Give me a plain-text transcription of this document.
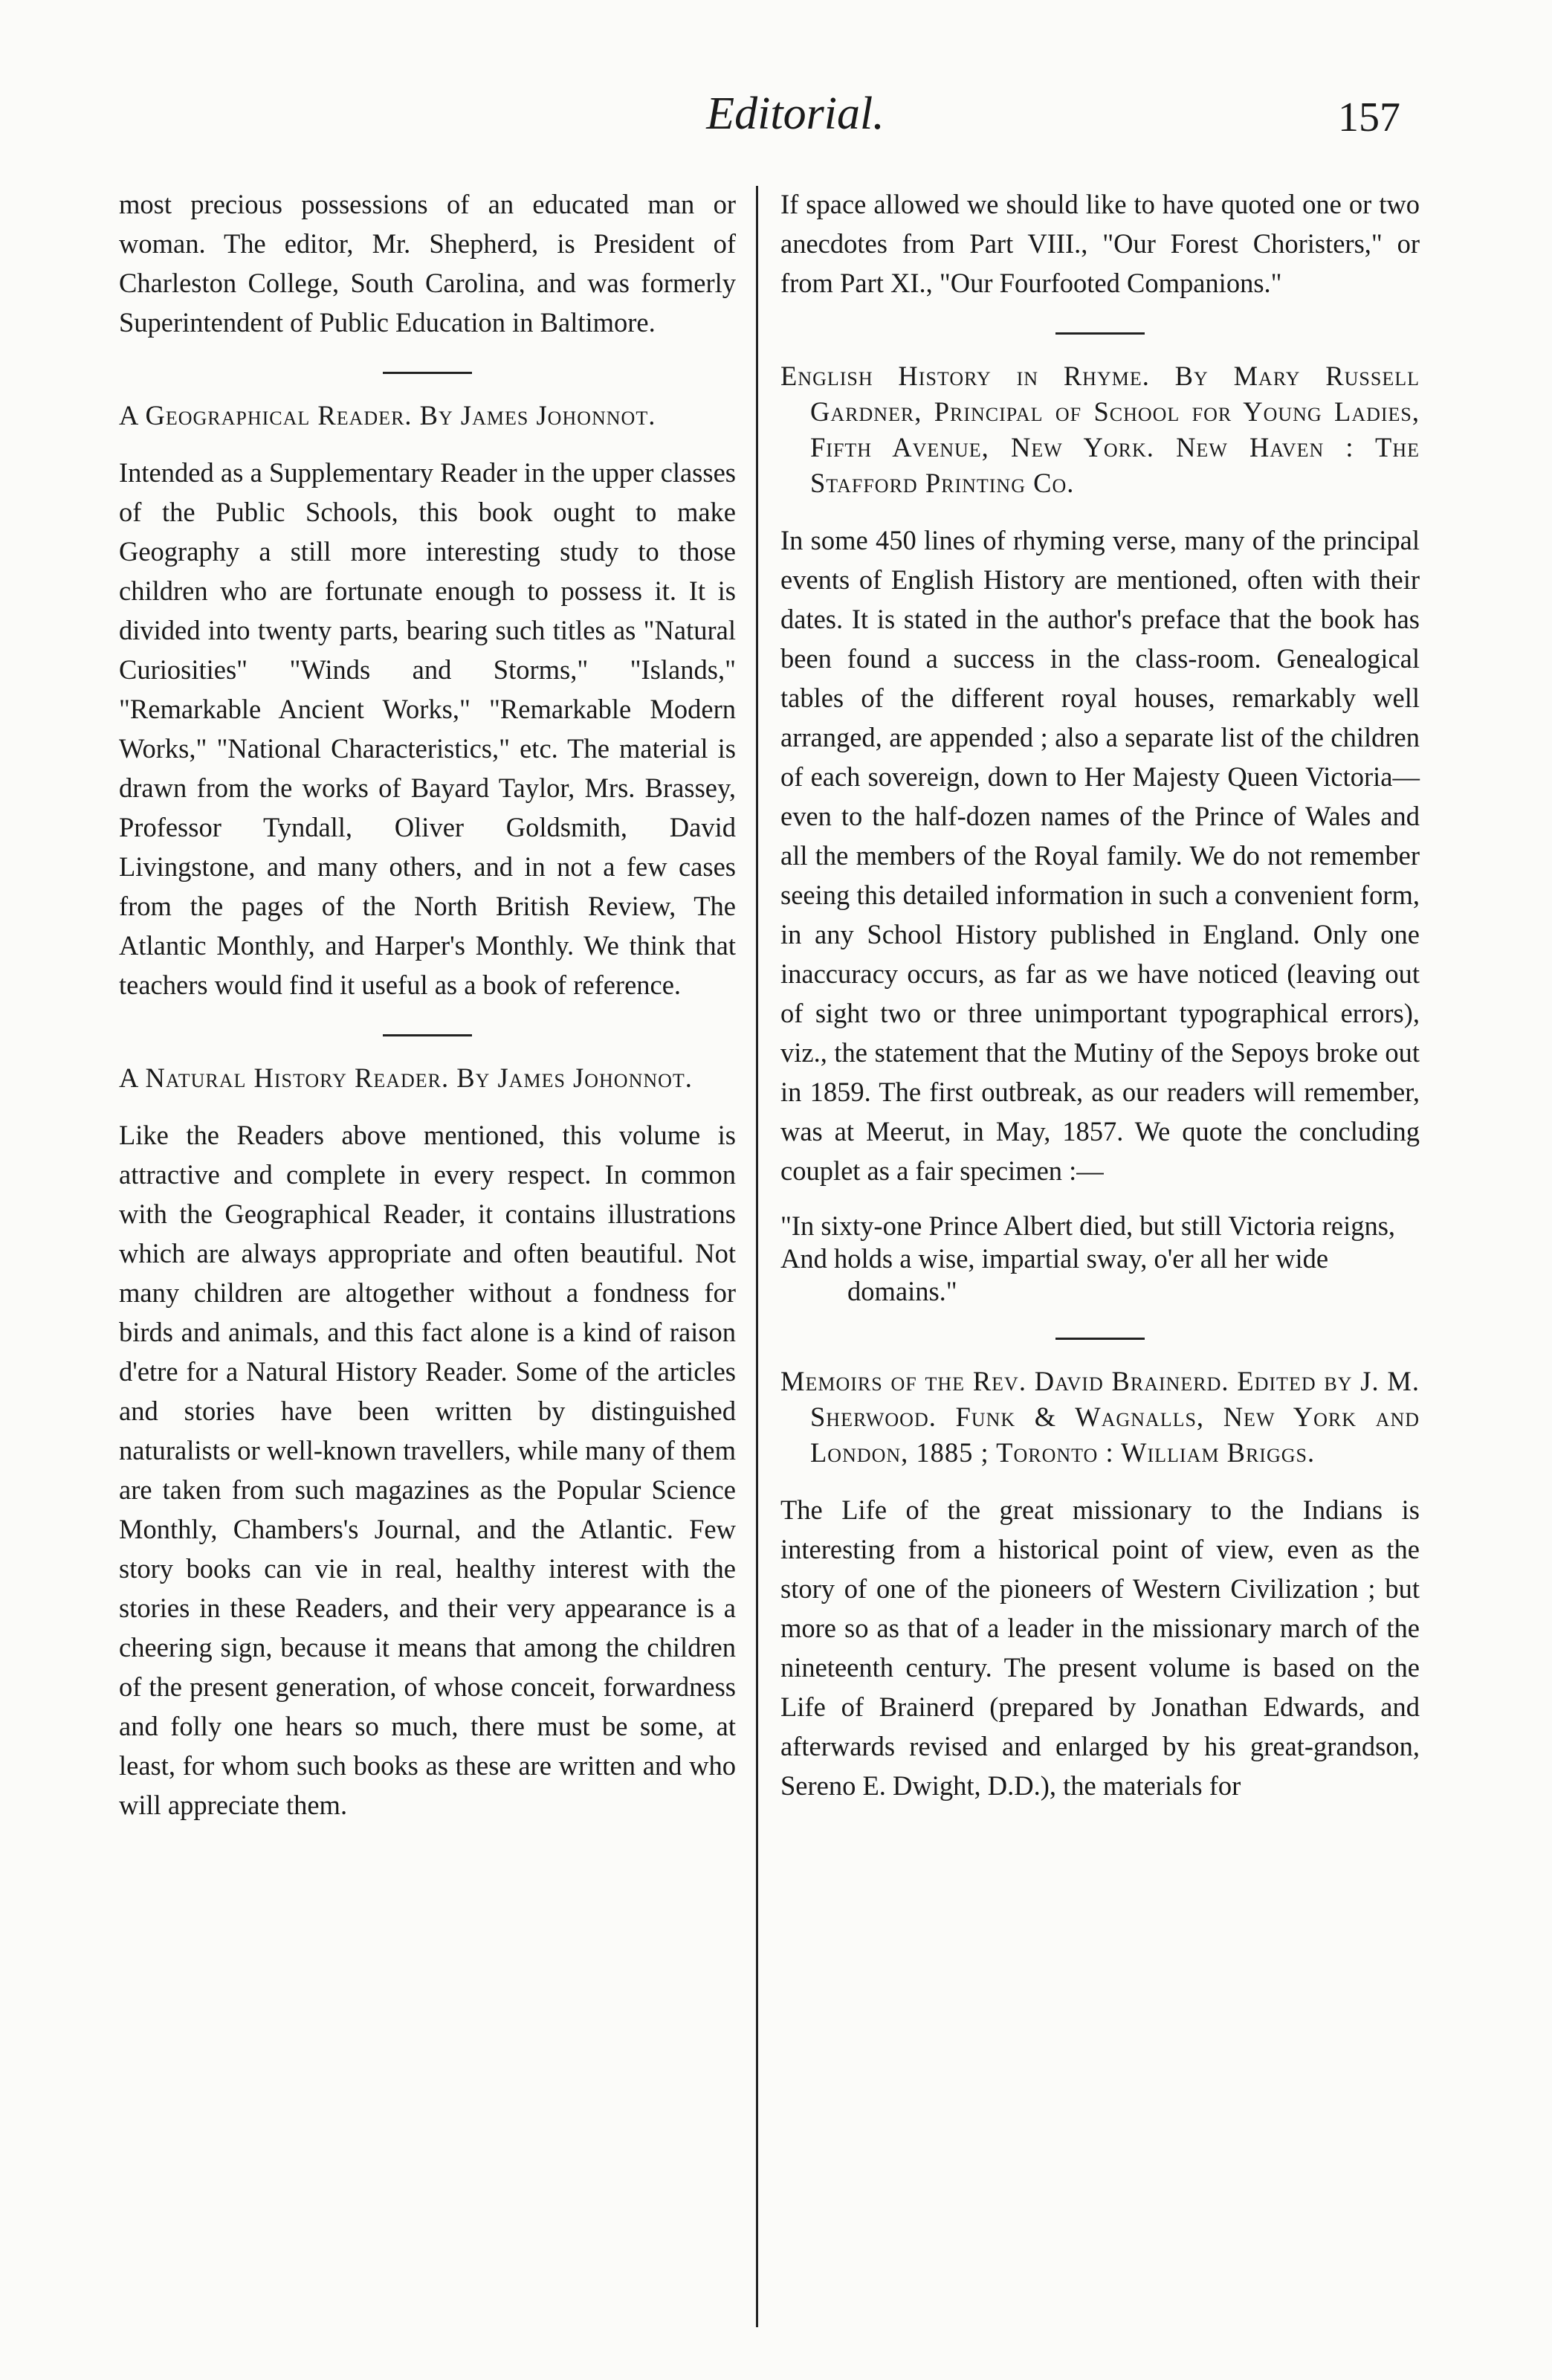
Editorial.	157

most precious possessions of an educated man or woman. The editor, Mr. Shepherd, is President of Charleston College, South Carolina, and was formerly Superintendent of Public Education in Baltimore.

A Geographical Reader. By James Johonnot.

Intended as a Supplementary Reader in the upper classes of the Public Schools, this book ought to make Geography a still more interesting study to those children who are fortunate enough to possess it. It is divided into twenty parts, bearing such titles as "Natural Curiosities" "Winds and Storms," "Islands," "Remarkable Ancient Works," "Remarkable Modern Works," "National Characteristics," etc. The material is drawn from the works of Bayard Taylor, Mrs. Brassey, Professor Tyndall, Oliver Goldsmith, David Livingstone, and many others, and in not a few cases from the pages of the North British Review, The Atlantic Monthly, and Harper's Monthly. We think that teachers would find it useful as a book of reference.

A Natural History Reader. By James Johonnot.

Like the Readers above mentioned, this volume is attractive and complete in every respect. In common with the Geographical Reader, it contains illustrations which are always appropriate and often beautiful. Not many children are altogether without a fondness for birds and animals, and this fact alone is a kind of raison d'etre for a Natural History Reader. Some of the articles and stories have been written by distinguished naturalists or well-known travellers, while many of them are taken from such magazines as the Popular Science Monthly, Chambers's Journal, and the Atlantic. Few story books can vie in real, healthy interest with the stories in these Readers, and their very appearance is a cheering sign, because it means that among the children of the present generation, of whose conceit, forwardness and folly one hears so much, there must be some, at least, for whom such books as these are written and who will appreciate them.

If space allowed we should like to have quoted one or two anecdotes from Part VIII., "Our Forest Choristers," or from Part XI., "Our Fourfooted Companions."

English History in Rhyme. By Mary Russell Gardner, Principal of School for Young Ladies, Fifth Avenue, New York. New Haven : The Stafford Printing Co.

In some 450 lines of rhyming verse, many of the principal events of English History are mentioned, often with their dates. It is stated in the author's preface that the book has been found a success in the class-room. Genealogical tables of the different royal houses, remarkably well arranged, are appended ; also a separate list of the children of each sovereign, down to Her Majesty Queen Victoria—even to the half-dozen names of the Prince of Wales and all the members of the Royal family. We do not remember seeing this detailed information in such a convenient form, in any School History published in England. Only one inaccuracy occurs, as far as we have noticed (leaving out of sight two or three unimportant typographical errors), viz., the statement that the Mutiny of the Sepoys broke out in 1859. The first outbreak, as our readers will remember, was at Meerut, in May, 1857. We quote the concluding couplet as a fair specimen :—

"In sixty-one Prince Albert died, but still Victoria reigns,
And holds a wise, impartial sway, o'er all her wide domains."

Memoirs of the Rev. David Brainerd. Edited by J. M. Sherwood. Funk & Wagnalls, New York and London, 1885 ; Toronto : William Briggs.

The Life of the great missionary to the Indians is interesting from a historical point of view, even as the story of one of the pioneers of Western Civilization ; but more so as that of a leader in the missionary march of the nineteenth century. The present volume is based on the Life of Brainerd (prepared by Jonathan Edwards, and afterwards revised and enlarged by his great-grandson, Sereno E. Dwight, D.D.), the materials for
